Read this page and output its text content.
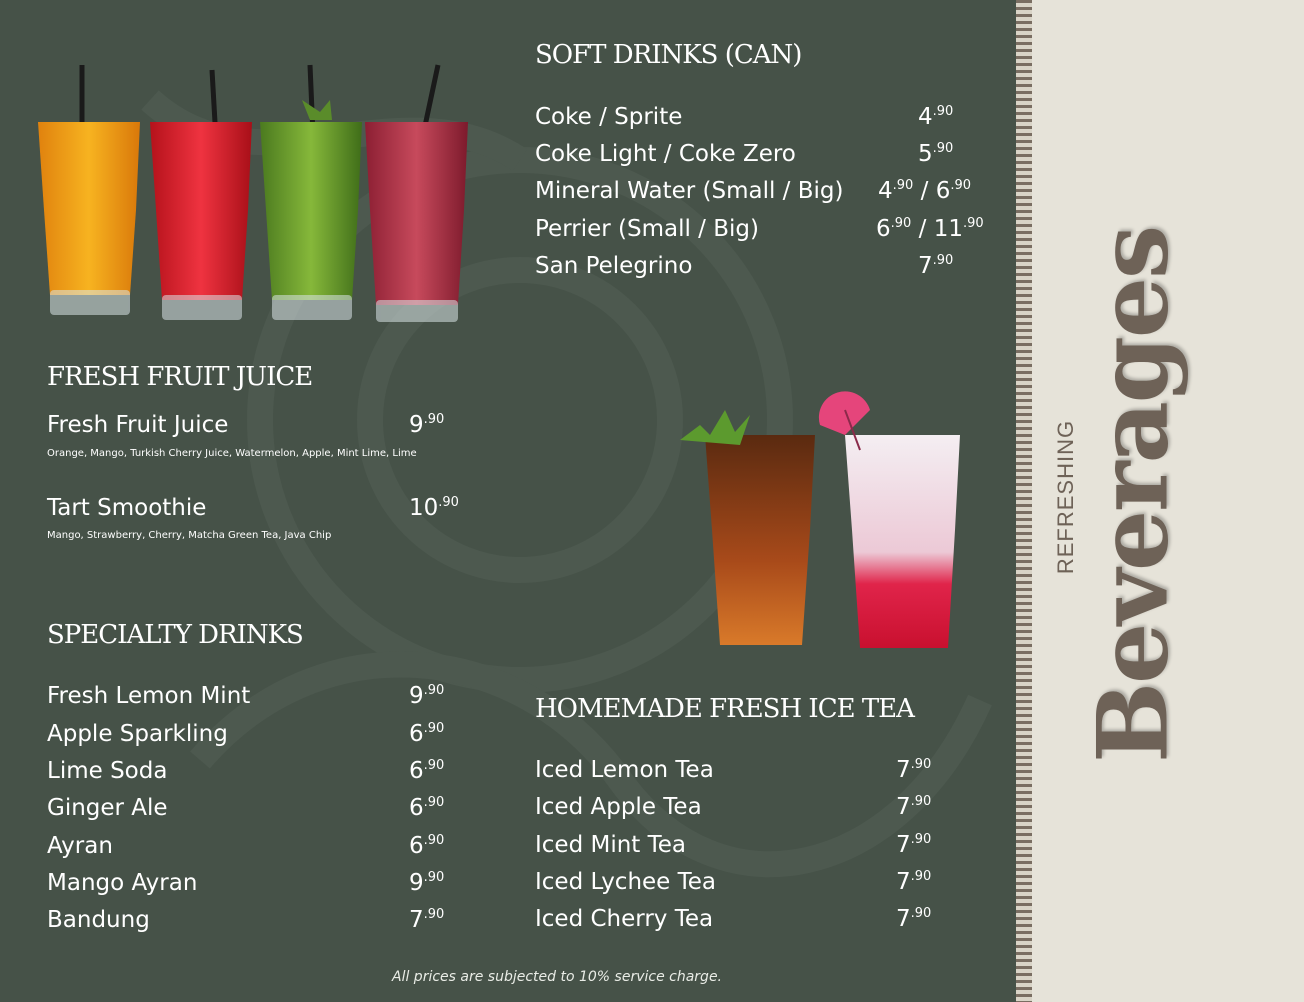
SOFT DRINKS (CAN)
Coke / Sprite	$4^{.90}$
Coke Light / Coke Zero	$5^{.90}$
Mineral Water (Small / Big) $4^{.90} / 6^{.90}$
Perrier (Small / Big)	$6^{.90} / 11^{.90}$
San Pelegrino	$7^{.90}$
FRESH FRUIT JUICE
Fresh Fruit Juice	$9^{.90}$
Orange, Mango, Turkish Cherry Juice, Watermelon, Apple, Mint Lime, Lime
Tart Smoothie	$10^{.90}$
Mango, Strawberry, Cherry, Matcha Green Tea, Java Chip
SPECIALTY DRINKS
Fresh Lemon Mint	$9^{.90}$
Apple Sparkling	$6^{.90}$
Lime Soda	$6^{.90}$
Ginger Ale	$6^{.90}$
Ayran	$6^{.90}$
Mango Ayran	$9^{.90}$
Bandung	$7^{.90}$
HOMEMADE FRESH ICE TEA
Iced Lemon Tea	$7^{.90}$
Iced Apple Tea	$7^{.90}$
Iced Mint Tea	$7^{.90}$
Iced Lychee Tea	$7^{.90}$
Iced Cherry Tea	$7^{.90}$
All prices are subjected to 10% service charge.
Beverages
REFRESHING
